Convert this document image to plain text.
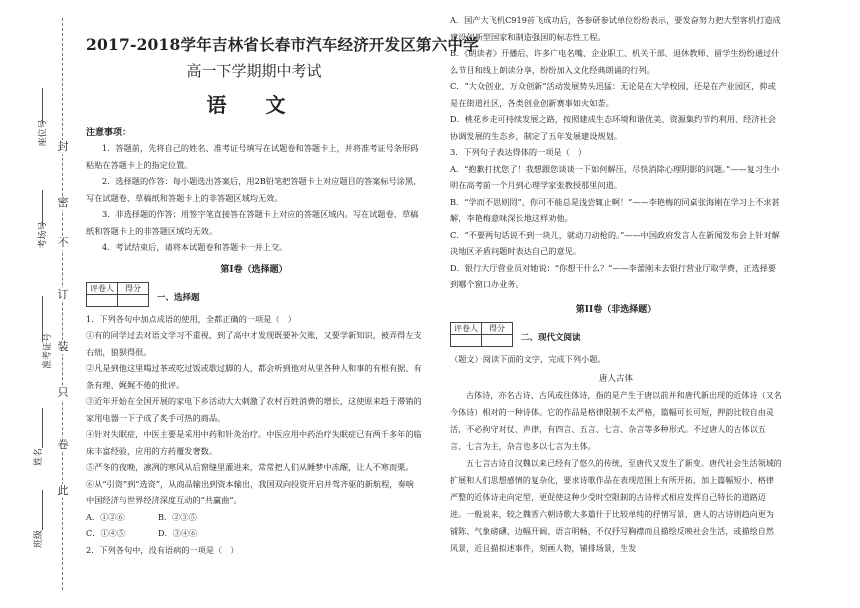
封
密
不
订
装
只
卷
此
座位号
考场号
准考证号
姓名
班级
2017-2018学年吉林省长春市汽车经济开发区第六中学
高一下学期期中考试
语 文
注意事项：

1．答题前，先将自己的姓名、准考证号填写在试题卷和答题卡上，并将准考证号条形码粘贴在答题卡上的指定位置。

2．选择题的作答：每小题选出答案后，用2B铅笔把答题卡上对应题目的答案标号涂黑，写在试题卷、草稿纸和答题卡上的非答题区域均无效。

3．非选择题的作答：用签字笔直接答在答题卡上对应的答题区域内。写在试题卷、草稿纸和答题卡上的非答题区域均无效。

4．考试结束后，请将本试题卷和答题卡一并上交。

第Ⅰ卷（选择题）
评卷人	得分

一、选择题

1．下列各句中加点成语的使用，全都正确的一项是（　）

①有的同学过去对语文学习不重视，到了高中才发现既要补欠账，又要学新知识，被弄得左支右绌，狼狈得很。

②凡是到他这里喝过茶或吃过饭或歇过脚的人，都会听到他对从里各种人和事的有根有据、有条有理、娓娓不倦的批评。

③近年开始在全国开展的家电下乡活动大大刺激了农村百姓消费的增长，这使原来趋于滞销的家用电器一下子成了炙手可热的商品。

④针对失眠症，中医主要是采用中药和针灸治疗。中医应用中药治疗失眠症已有两千多年的临床丰富经验，应用的方药覆发奢数。

⑤严冬的夜晚，凛冽的寒风从后窗缝里灌进来，常常把人们从睡梦中冻醒，让人不寒而栗。

⑥从“引资”到“选资”，从商品输出到资本输出，我国双向投资开启并驾齐驱的新航程，奏响中国经济与世界经济深度互动的“共赢曲”。

A．①②⑥	B．②③⑤
C．①④⑤	D．③④⑥

2．下列各句中，没有语病的一项是（　）

A．国产大飞机C919首飞成功后，各参研参试单位纷纷表示，要发奋努力把大型客机打造成建设创新型国家和制造强国的标志性工程。

B．《朗读者》开播后，许多广电名嘴、企业职工、机关干部、退休教师、留学生纷纷通过什么节目和线上朗读分享，纷纷加入文化经典朗诵的行列。

C．“大众创业、万众创新”活动发展势头迅猛：无论是在大学校园，还是在产业园区，抑或是在街道社区，各类创业创新赛事如火如荼。

D．桃花乡走可持续发展之路，按照建成生态环境和谐优美、资源集约节约利用、经济社会协调发展的生态乡，制定了五年发展建设规划。

3．下列句子表达得体的一项是（　）

A．“抱歉打扰您了！我想跟您谈谈一下如何解压，尽快消除心理阴影的问题。”——复习生小明在高考前一个月到心理学家张教授那里问道。

B．“学而不思则罔”，你可不能总是浅尝辄止啊！”——李艳梅的同桌张海刚在学习上不求甚解，李艳梅意味深长地这样劝他。

C．“不要两句话说不到一块儿，就动刀动枪的。”——中国政府发言人在新闻发布会上针对解决地区矛盾问题时表达自己的意见。

D．银行大厅营业员对她说：“你想干什么？”——李蕾刚未去银行营业厅取学费，正选择要到哪个窗口办业务。

第II卷（非选择题）
评卷人	得分

二、现代文阅读

（题文）阅读下面的文字，完成下列小题。

唐人古体

古体诗，亦名古诗、古风或往体诗，指的是产生于唐以前并和唐代新出现的近体诗（又名今体诗）相对的一种诗体。它的作品是格律限制不太严格，篇幅可长可短，押韵比较自由灵活，不必拘守对仗、声律，有四言、五言、七言、杂言等多种形式。不过唐人的古体以五言、七言为主，杂言也多以七言为主体。

五七言古诗自汉魏以来已经有了悠久的传统，至唐代又发生了新变。唐代社会生活领域的扩展和人们思想感情的复杂化，要求诗歌作品在表现范围上有所开拓，加上篇幅短小、格律严整的近体诗走向定型，更促使这种少受时空限制的古诗样式相应发挥自己特长的道路迈进。一般说来，较之魏晋六朝诗歌大多篇什于比较单纯的抒情写景，唐人的古诗则趋向更为铺陈、气象磅礴、边幅开阔、语言明畅，不仅抒写胸襟而且描绘反映社会生活，或描绘自然风景，近且描拟述事件，刻画人物，铺排场景，生发
